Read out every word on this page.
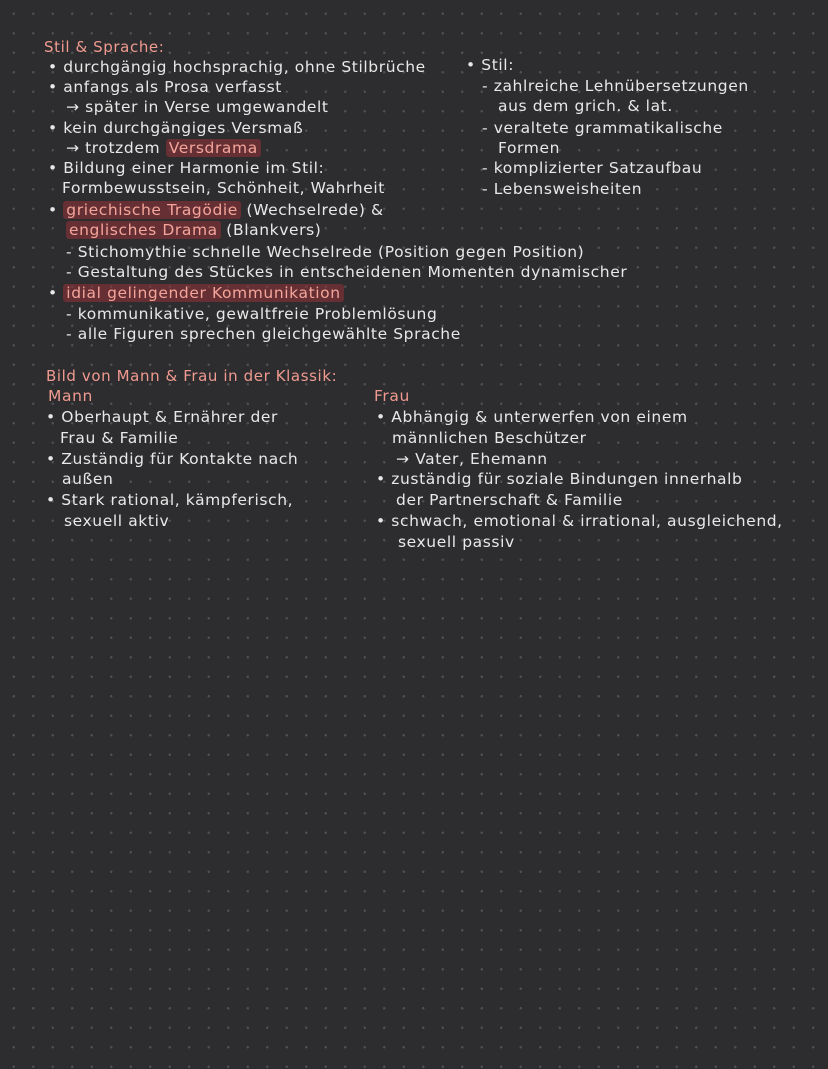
Stil & Sprache:
• durchgängig hochsprachig, ohne Stilbrüche
• anfangs als Prosa verfasst
→ später in Verse umgewandelt
• kein durchgängiges Versmaß
→ trotzdem Versdrama
• Bildung einer Harmonie im Stil:
Formbewusstsein, Schönheit, Wahrheit
• griechische Tragödie (Wechselrede) &
englisches Drama (Blankvers)
- Stichomythie schnelle Wechselrede (Position gegen Position)
- Gestaltung des Stückes in entscheidenen Momenten dynamischer
• idial gelingender Kommunikation
- kommunikative, gewaltfreie Problemlösung
- alle Figuren sprechen gleichgewählte Sprache
• Stil:
- zahlreiche Lehnübersetzungen
aus dem grich. & lat.
- veraltete grammatikalische
Formen
- komplizierter Satzaufbau
- Lebensweisheiten
Bild von Mann & Frau in der Klassik:
Mann
• Oberhaupt & Ernährer der
Frau & Familie
• Zuständig für Kontakte nach
außen
• Stark rational, kämpferisch,
sexuell aktiv
Frau
• Abhängig & unterwerfen von einem
männlichen Beschützer
→ Vater, Ehemann
• zuständig für soziale Bindungen innerhalb
der Partnerschaft & Familie
• schwach, emotional & irrational, ausgleichend,
sexuell passiv
